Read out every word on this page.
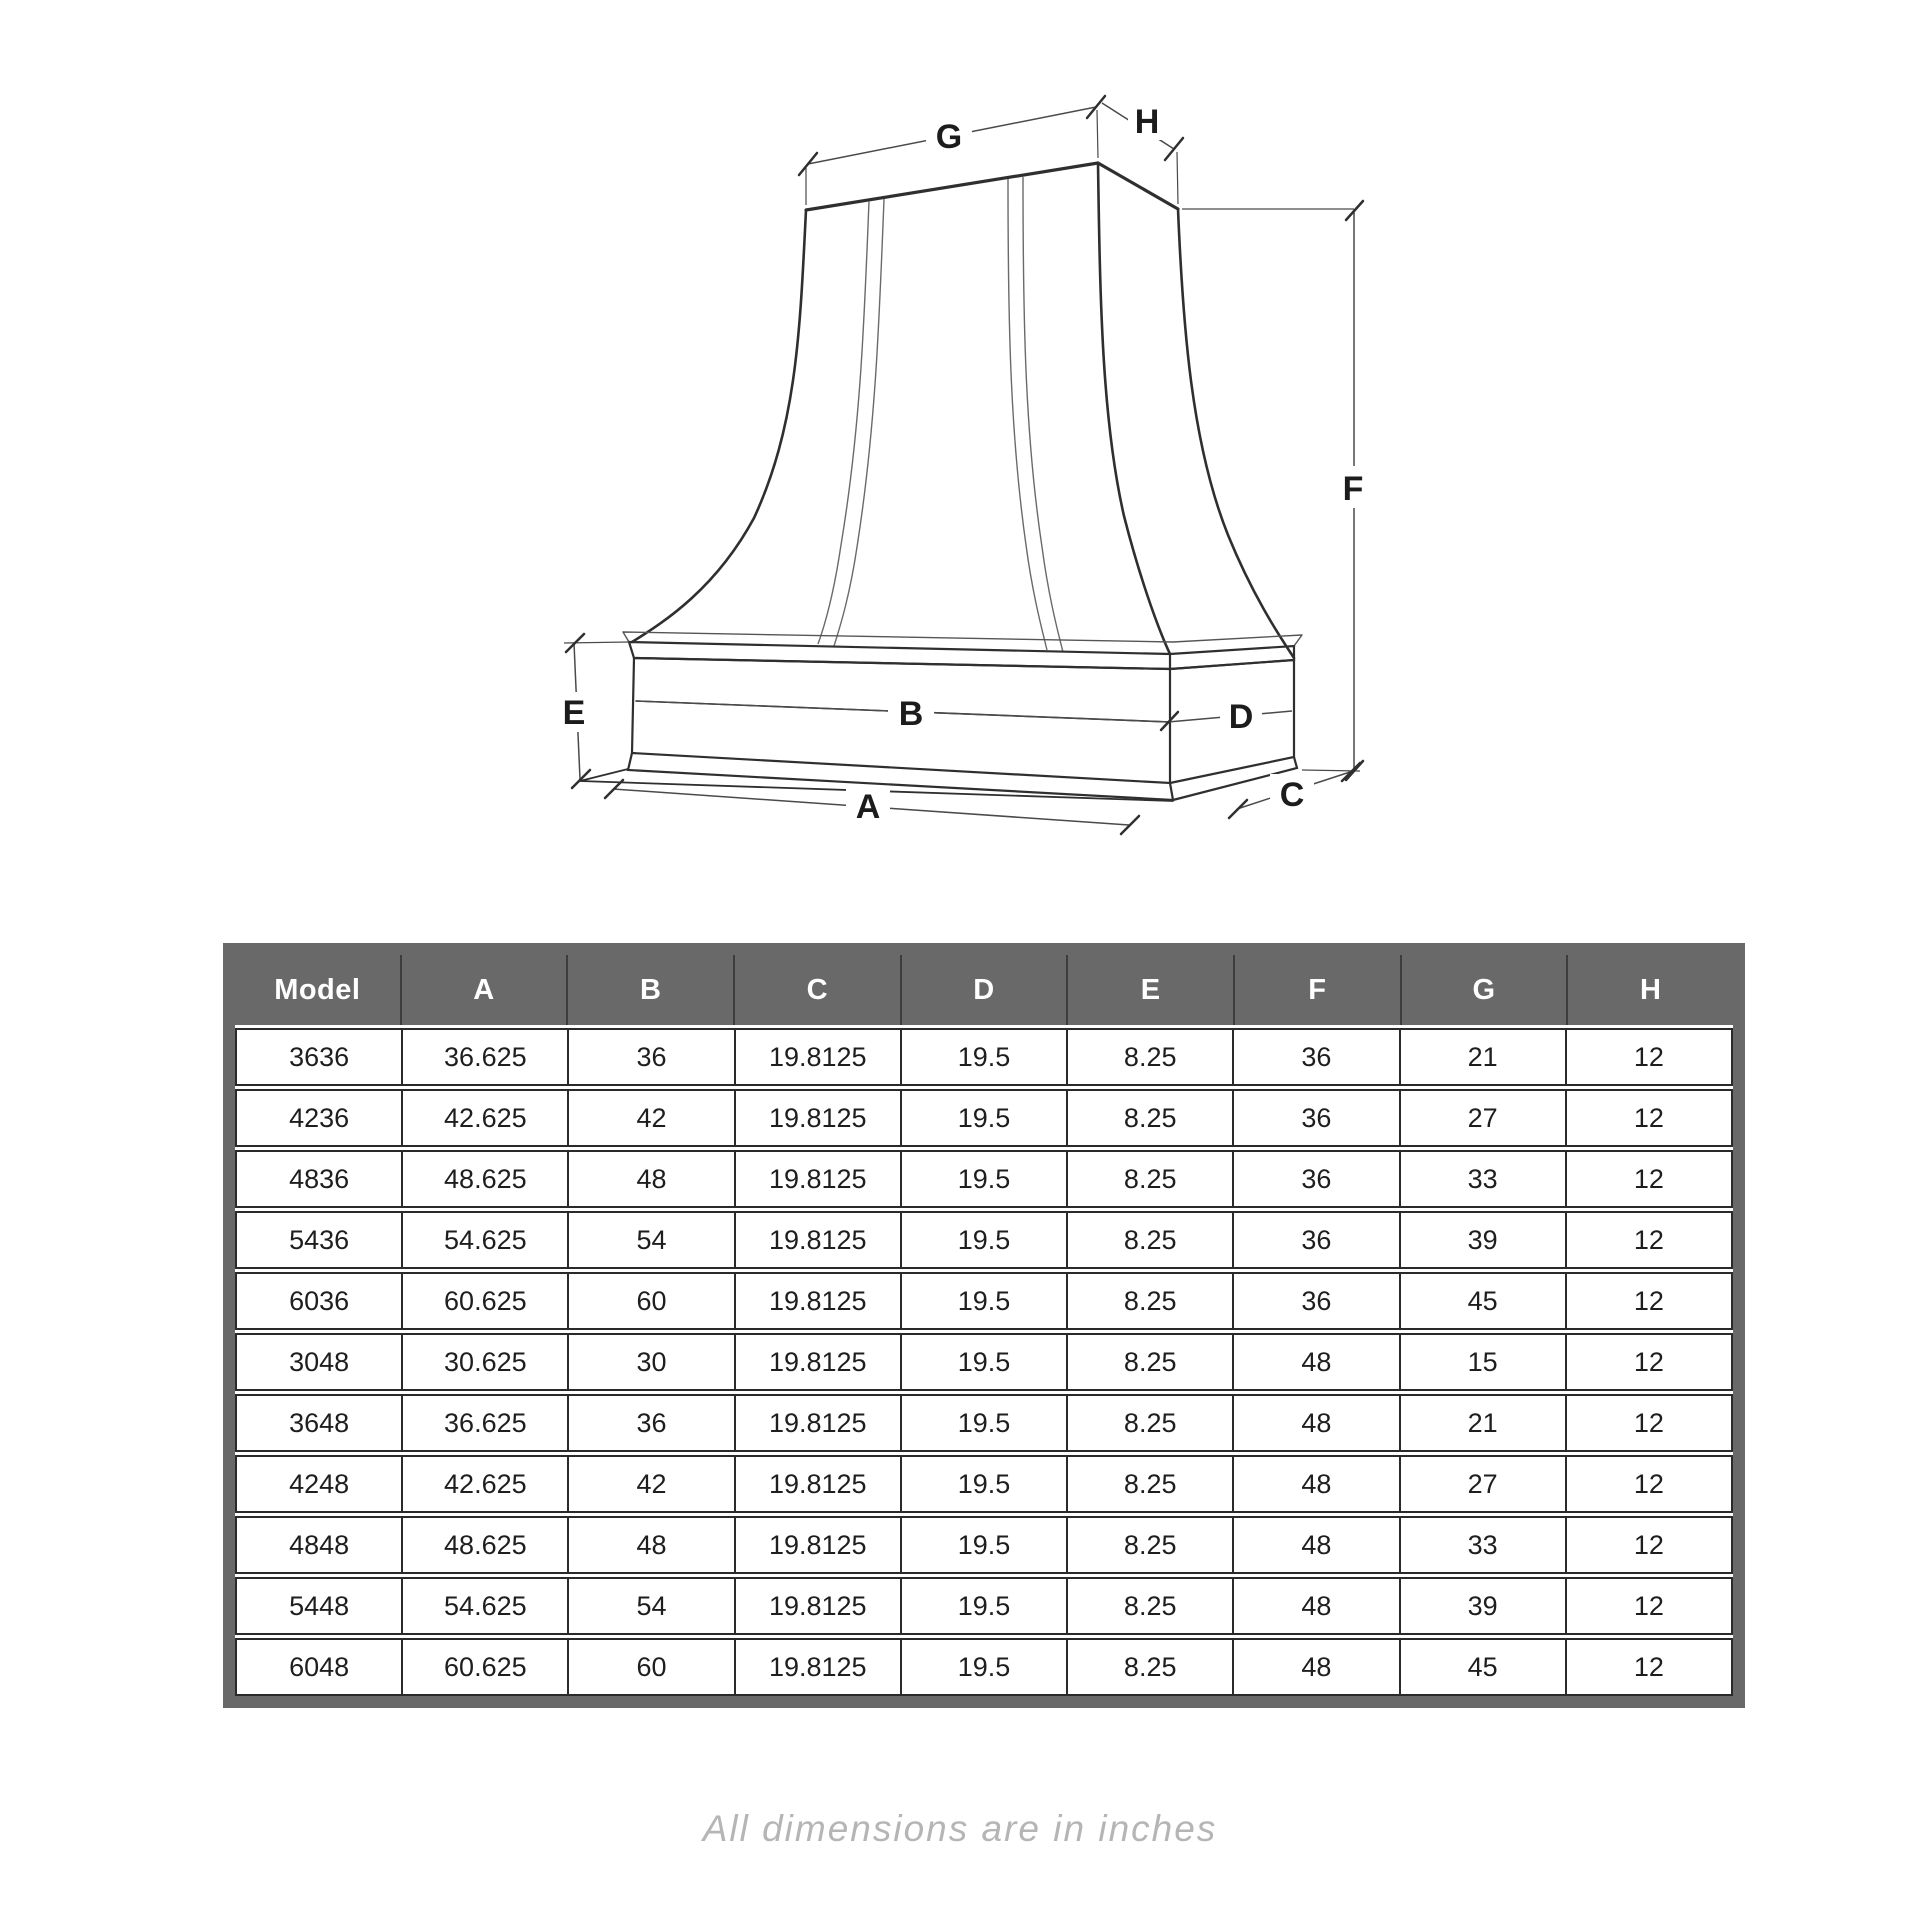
G	H
F
E	B	D
A	C
Model	A	B	C	D	E	F	G	H
3636	36.625	36	19.8125	19.5	8.25	36	21	12
4236	42.625	42	19.8125	19.5	8.25	36	27	12
4836	48.625	48	19.8125	19.5	8.25	36	33	12
5436	54.625	54	19.8125	19.5	8.25	36	39	12
6036	60.625	60	19.8125	19.5	8.25	36	45	12
3048	30.625	30	19.8125	19.5	8.25	48	15	12
3648	36.625	36	19.8125	19.5	8.25	48	21	12
4248	42.625	42	19.8125	19.5	8.25	48	27	12
4848	48.625	48	19.8125	19.5	8.25	48	33	12
5448	54.625	54	19.8125	19.5	8.25	48	39	12
6048	60.625	60	19.8125	19.5	8.25	48	45	12
All dimensions are in inches
